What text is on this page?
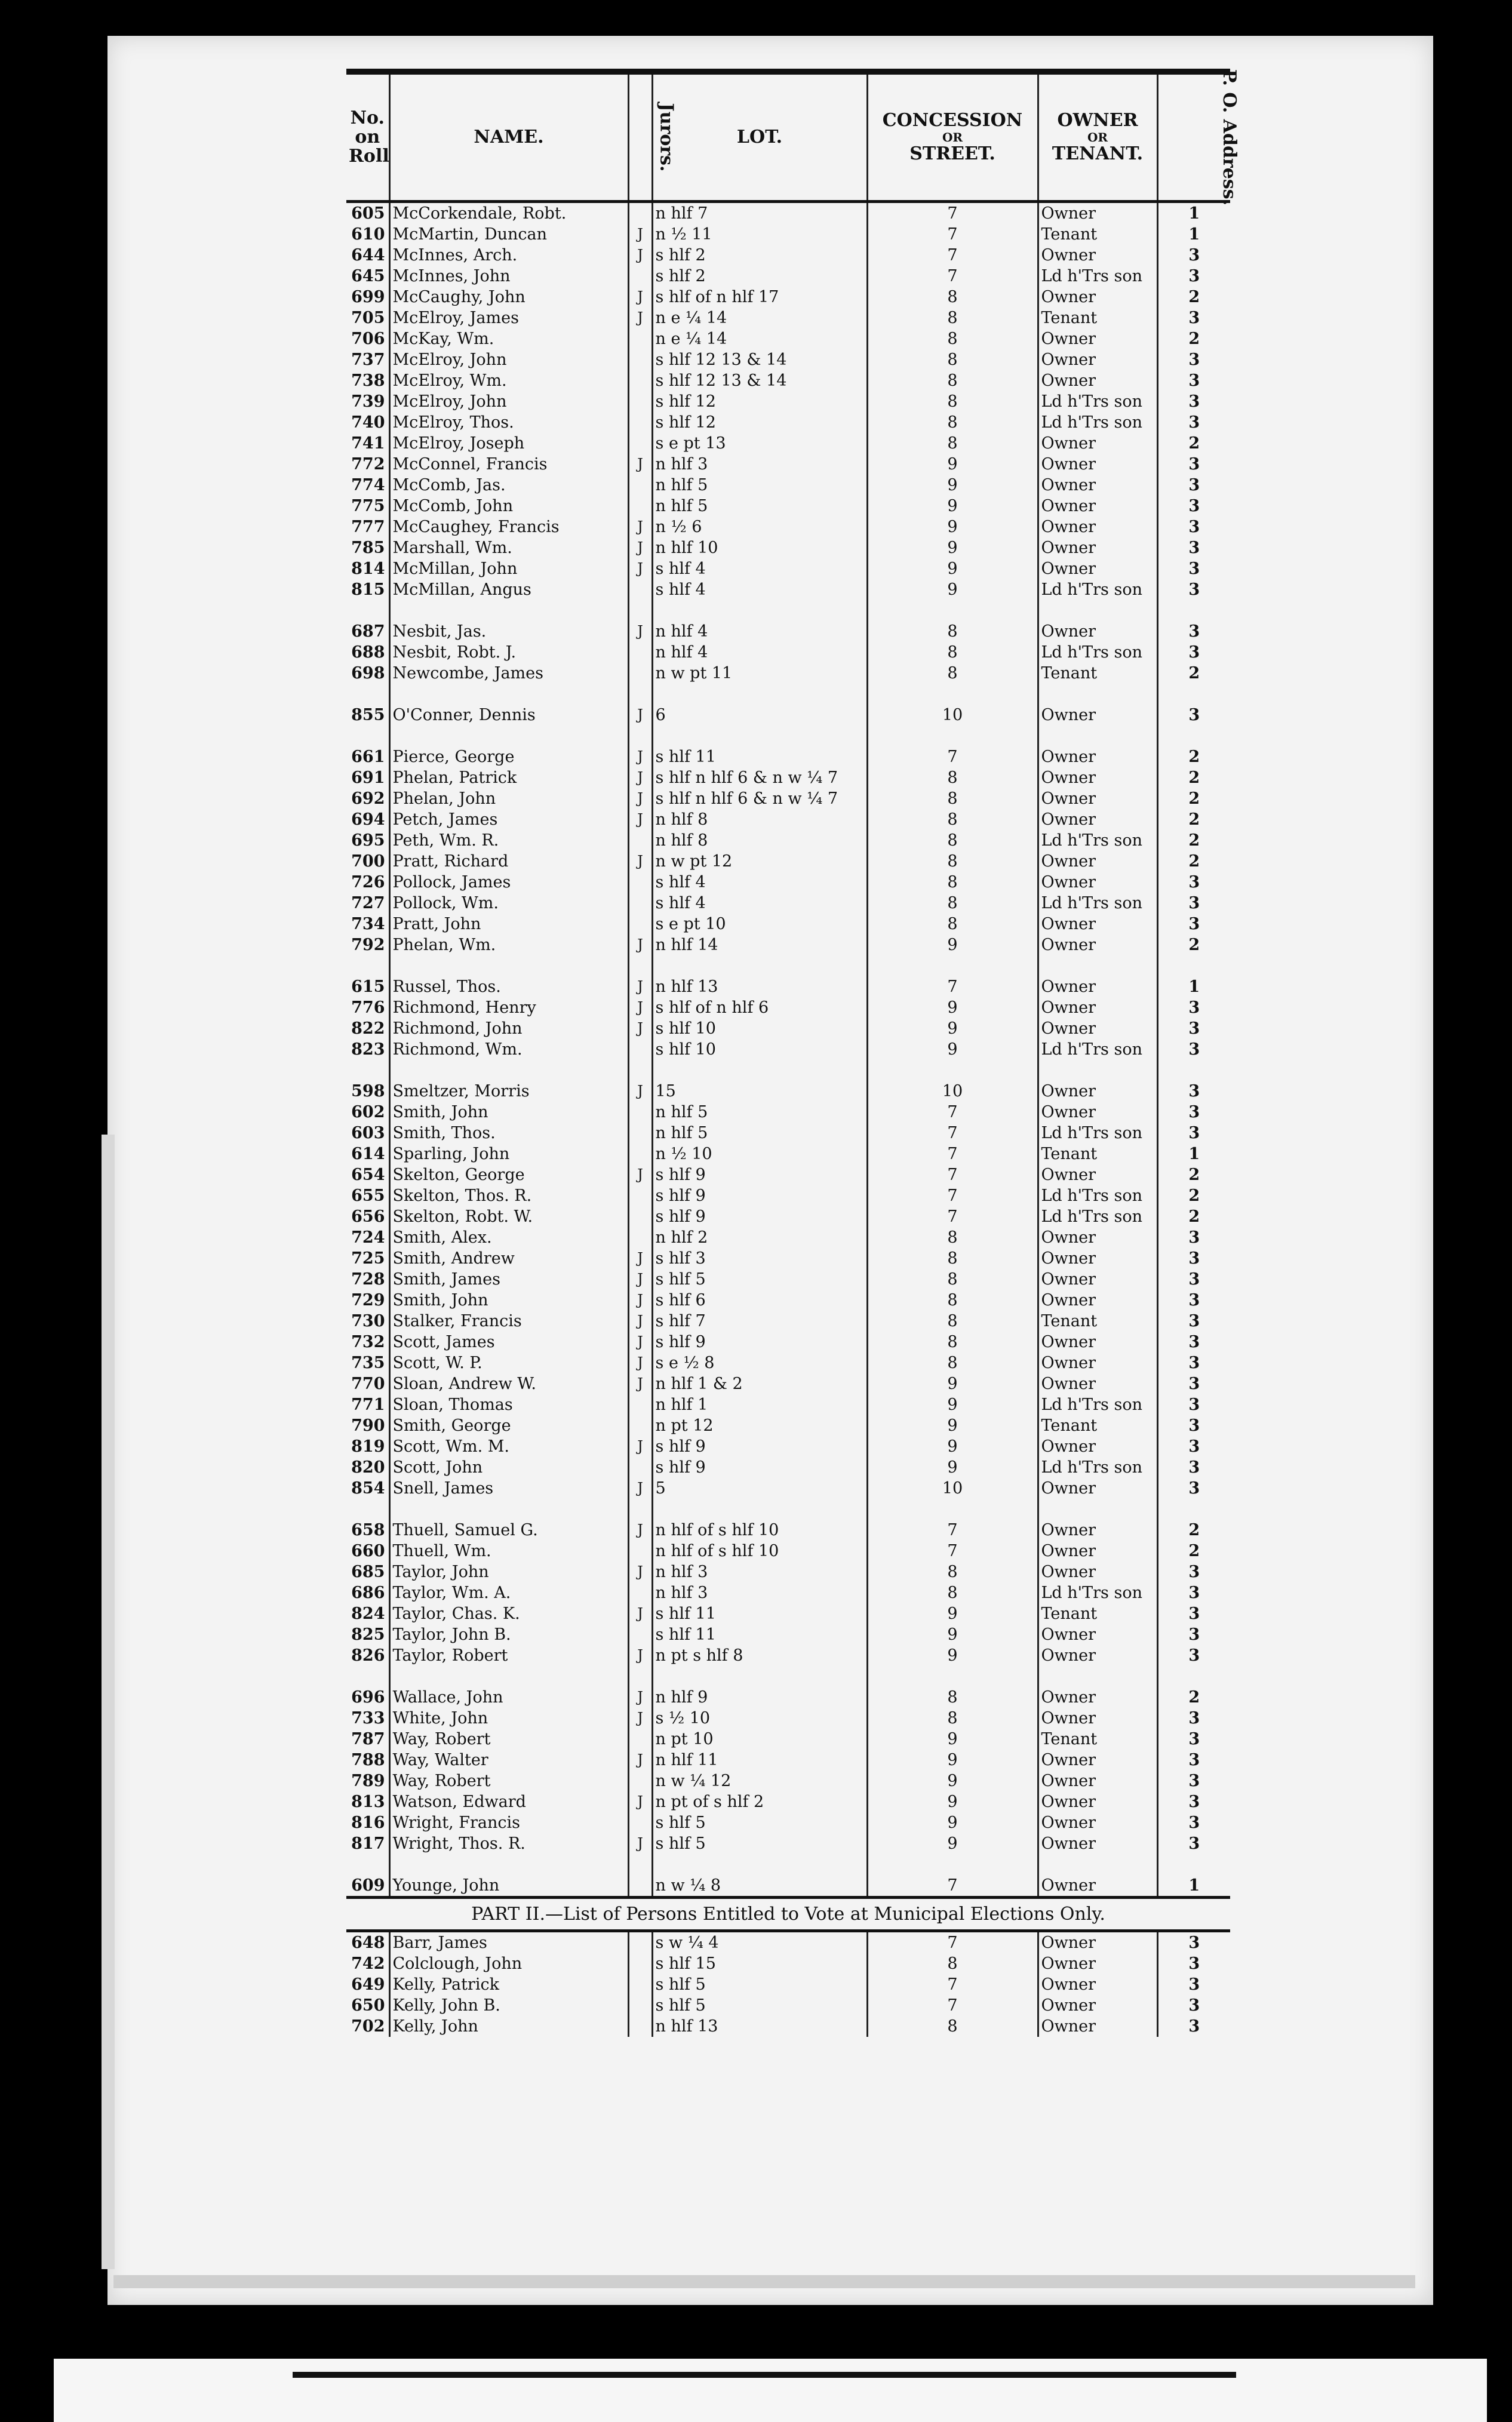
No. on Roll	NAME.	Jurors.	LOT.	CONCESSION
OR
STREET.	OWNER
OR
TENANT.	P. O. Address.
605	McCorkendale, Robt.		n hlf 7	7	Owner	1
610	McMartin, Duncan	J	n ½ 11	7	Tenant	1
644	McInnes, Arch.	J	s hlf 2	7	Owner	3
645	McInnes, John		s hlf 2	7	Ld h'Trs son	3
699	McCaughy, John	J	s hlf of n hlf 17	8	Owner	2
705	McElroy, James	J	n e ¼ 14	8	Tenant	3
706	McKay, Wm.		n e ¼ 14	8	Owner	2
737	McElroy, John		s hlf 12 13 & 14	8	Owner	3
738	McElroy, Wm.		s hlf 12 13 & 14	8	Owner	3
739	McElroy, John		s hlf 12	8	Ld h'Trs son	3
740	McElroy, Thos.		s hlf 12	8	Ld h'Trs son	3
741	McElroy, Joseph		s e pt 13	8	Owner	2
772	McConnel, Francis	J	n hlf 3	9	Owner	3
774	McComb, Jas.		n hlf 5	9	Owner	3
775	McComb, John		n hlf 5	9	Owner	3
777	McCaughey, Francis	J	n ½ 6	9	Owner	3
785	Marshall, Wm.	J	n hlf 10	9	Owner	3
814	McMillan, John	J	s hlf 4	9	Owner	3
815	McMillan, Angus		s hlf 4	9	Ld h'Trs son	3

687	Nesbit, Jas.	J	n hlf 4	8	Owner	3
688	Nesbit, Robt. J.		n hlf 4	8	Ld h'Trs son	3
698	Newcombe, James		n w pt 11	8	Tenant	2

855	O'Conner, Dennis	J	6	10	Owner	3

661	Pierce, George	J	s hlf 11	7	Owner	2
691	Phelan, Patrick	J	s hlf n hlf 6 & n w ¼ 7	8	Owner	2
692	Phelan, John	J	s hlf n hlf 6 & n w ¼ 7	8	Owner	2
694	Petch, James	J	n hlf 8	8	Owner	2
695	Peth, Wm. R.		n hlf 8	8	Ld h'Trs son	2
700	Pratt, Richard	J	n w pt 12	8	Owner	2
726	Pollock, James		s hlf 4	8	Owner	3
727	Pollock, Wm.		s hlf 4	8	Ld h'Trs son	3
734	Pratt, John		s e pt 10	8	Owner	3
792	Phelan, Wm.	J	n hlf 14	9	Owner	2

615	Russel, Thos.	J	n hlf 13	7	Owner	1
776	Richmond, Henry	J	s hlf of n hlf 6	9	Owner	3
822	Richmond, John	J	s hlf 10	9	Owner	3
823	Richmond, Wm.		s hlf 10	9	Ld h'Trs son	3

598	Smeltzer, Morris	J	15	10	Owner	3
602	Smith, John		n hlf 5	7	Owner	3
603	Smith, Thos.		n hlf 5	7	Ld h'Trs son	3
614	Sparling, John		n ½ 10	7	Tenant	1
654	Skelton, George	J	s hlf 9	7	Owner	2
655	Skelton, Thos. R.		s hlf 9	7	Ld h'Trs son	2
656	Skelton, Robt. W.		s hlf 9	7	Ld h'Trs son	2
724	Smith, Alex.		n hlf 2	8	Owner	3
725	Smith, Andrew	J	s hlf 3	8	Owner	3
728	Smith, James	J	s hlf 5	8	Owner	3
729	Smith, John	J	s hlf 6	8	Owner	3
730	Stalker, Francis	J	s hlf 7	8	Tenant	3
732	Scott, James	J	s hlf 9	8	Owner	3
735	Scott, W. P.	J	s e ½ 8	8	Owner	3
770	Sloan, Andrew W.	J	n hlf 1 & 2	9	Owner	3
771	Sloan, Thomas		n hlf 1	9	Ld h'Trs son	3
790	Smith, George		n pt 12	9	Tenant	3
819	Scott, Wm. M.	J	s hlf 9	9	Owner	3
820	Scott, John		s hlf 9	9	Ld h'Trs son	3
854	Snell, James	J	5	10	Owner	3

658	Thuell, Samuel G.	J	n hlf of s hlf 10	7	Owner	2
660	Thuell, Wm.		n hlf of s hlf 10	7	Owner	2
685	Taylor, John	J	n hlf 3	8	Owner	3
686	Taylor, Wm. A.		n hlf 3	8	Ld h'Trs son	3
824	Taylor, Chas. K.	J	s hlf 11	9	Tenant	3
825	Taylor, John B.		s hlf 11	9	Owner	3
826	Taylor, Robert	J	n pt s hlf 8	9	Owner	3

696	Wallace, John	J	n hlf 9	8	Owner	2
733	White, John	J	s ½ 10	8	Owner	3
787	Way, Robert		n pt 10	9	Tenant	3
788	Way, Walter	J	n hlf 11	9	Owner	3
789	Way, Robert		n w ¼ 12	9	Owner	3
813	Watson, Edward	J	n pt of s hlf 2	9	Owner	3
816	Wright, Francis		s hlf 5	9	Owner	3
817	Wright, Thos. R.	J	s hlf 5	9	Owner	3

609	Younge, John		n w ¼ 8	7	Owner	1
PART II.—List of Persons Entitled to Vote at Municipal Elections Only.
648	Barr, James		s w ¼ 4	7	Owner	3
742	Colclough, John		s hlf 15	8	Owner	3
649	Kelly, Patrick		s hlf 5	7	Owner	3
650	Kelly, John B.		s hlf 5	7	Owner	3
702	Kelly, John		n hlf 13	8	Owner	3
